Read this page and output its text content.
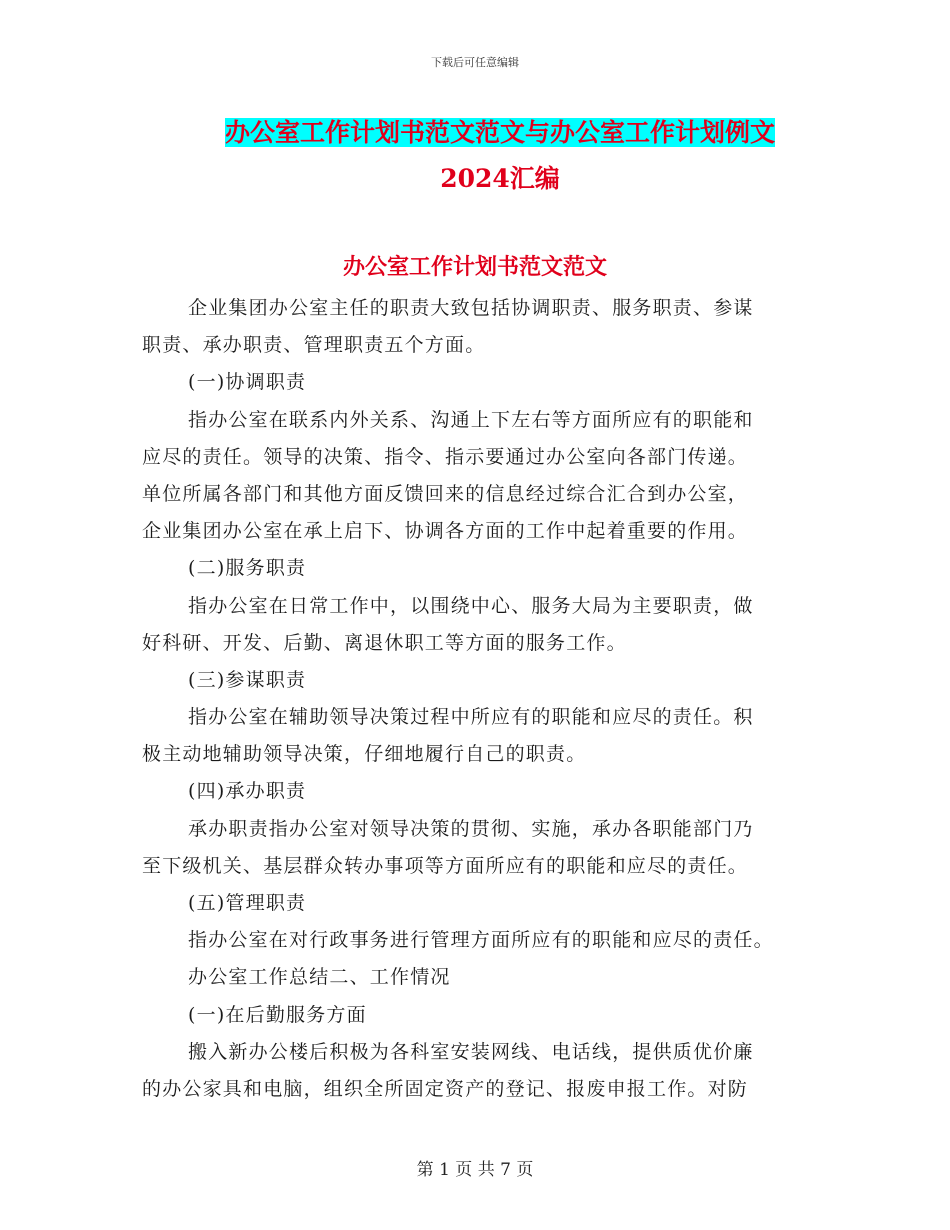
下载后可任意编辑
办公室工作计划书范文范文与办公室工作计划例文
2024汇编
办公室工作计划书范文范文
企业集团办公室主任的职责大致包括协调职责、服务职责、参谋
职责、承办职责、管理职责五个方面。
(一)协调职责
指办公室在联系内外关系、沟通上下左右等方面所应有的职能和
应尽的责任。领导的决策、指令、指示要通过办公室向各部门传递。
单位所属各部门和其他方面反馈回来的信息经过综合汇合到办公室，
企业集团办公室在承上启下、协调各方面的工作中起着重要的作用。
(二)服务职责
指办公室在日常工作中，以围绕中心、服务大局为主要职责，做
好科研、开发、后勤、离退休职工等方面的服务工作。
(三)参谋职责
指办公室在辅助领导决策过程中所应有的职能和应尽的责任。积
极主动地辅助领导决策，仔细地履行自己的职责。
(四)承办职责
承办职责指办公室对领导决策的贯彻、实施，承办各职能部门乃
至下级机关、基层群众转办事项等方面所应有的职能和应尽的责任。
(五)管理职责
指办公室在对行政事务进行管理方面所应有的职能和应尽的责任。
办公室工作总结二、工作情况
(一)在后勤服务方面
搬入新办公楼后积极为各科室安装网线、电话线，提供质优价廉
的办公家具和电脑，组织全所固定资产的登记、报废申报工作。对防
第 1 页 共 7 页
